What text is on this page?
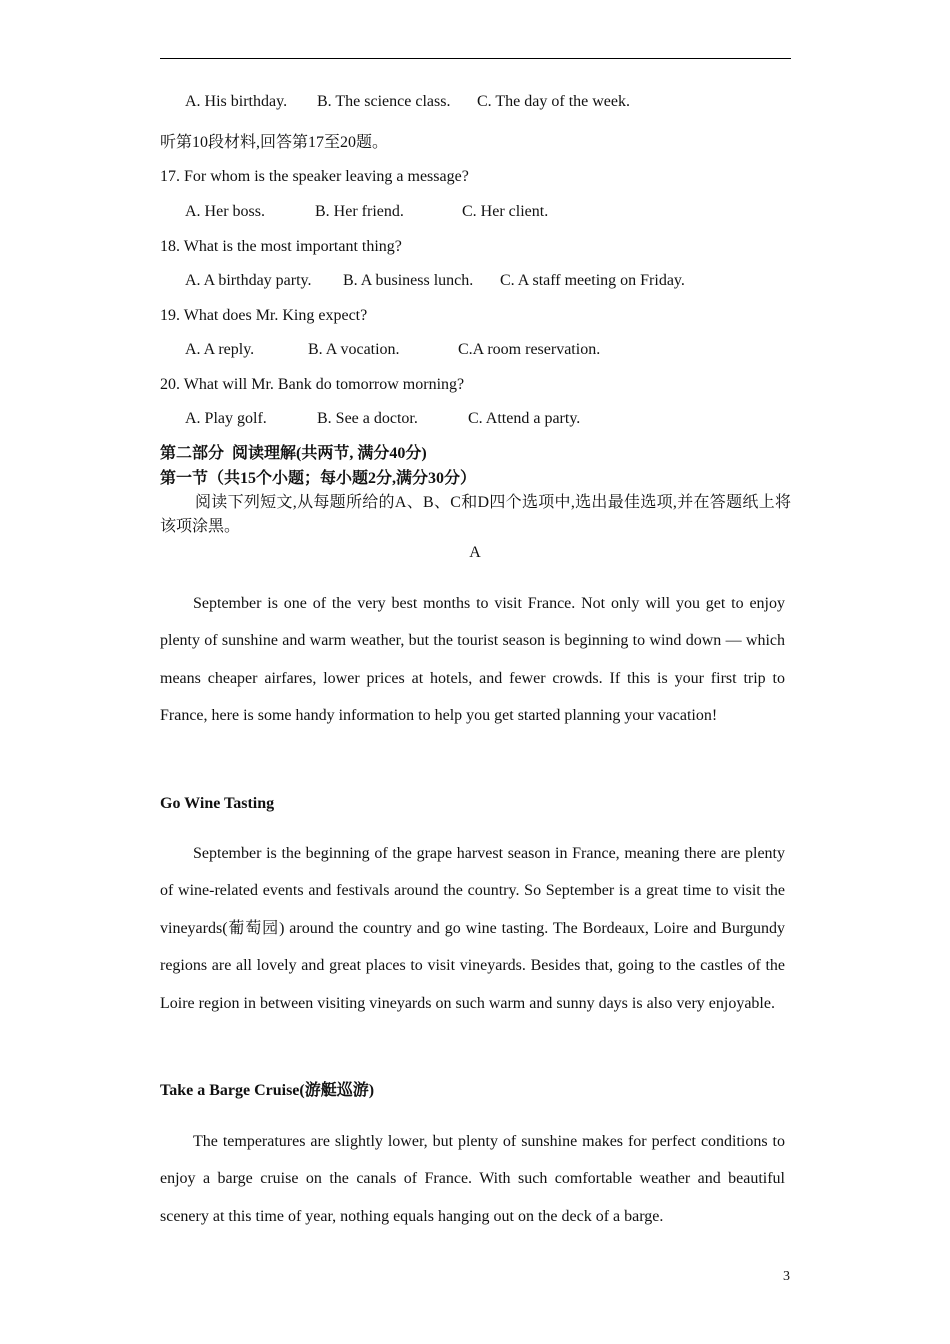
A. His birthday. B. The science class. C. The day of the week.
听第10段材料,回答第17至20题。
17. For whom is the speaker leaving a message?
A. Her boss.	B. Her friend.	C. Her client.
18. What is the most important thing?
A. A birthday party. B. A business lunch. C. A staff meeting on Friday.
19. What does Mr. King expect?
A. A reply.	B. A vocation.	C.A room reservation.
20. What will Mr. Bank do tomorrow morning?
A. Play golf.	B. See a doctor.	C. Attend a party.
第二部分  阅读理解(共两节, 满分40分)
第一节（共15个小题；每小题2分,满分30分）

阅读下列短文,从每题所给的A、B、C和D四个选项中,选出最佳选项,并在答题纸上将该项涂黑。

A

September is one of the very best months to visit France. Not only will you get to enjoy plenty of sunshine and warm weather, but the tourist season is beginning to wind down — which means cheaper airfares, lower prices at hotels, and fewer crowds. If this is your first trip to France, here is some handy information to help you get started planning your vacation!

Go Wine Tasting

September is the beginning of the grape harvest season in France, meaning there are plenty of wine-related events and festivals around the country. So September is a great time to visit the vineyards(葡萄园) around the country and go wine tasting. The Bordeaux, Loire and Burgundy regions are all lovely and great places to visit vineyards. Besides that, going to the castles of the Loire region in between visiting vineyards on such warm and sunny days is also very enjoyable.

Take a Barge Cruise(游艇巡游)

The temperatures are slightly lower, but plenty of sunshine makes for perfect conditions to enjoy a barge cruise on the canals of France. With such comfortable weather and beautiful scenery at this time of year, nothing equals hanging out on the deck of a barge.

3
